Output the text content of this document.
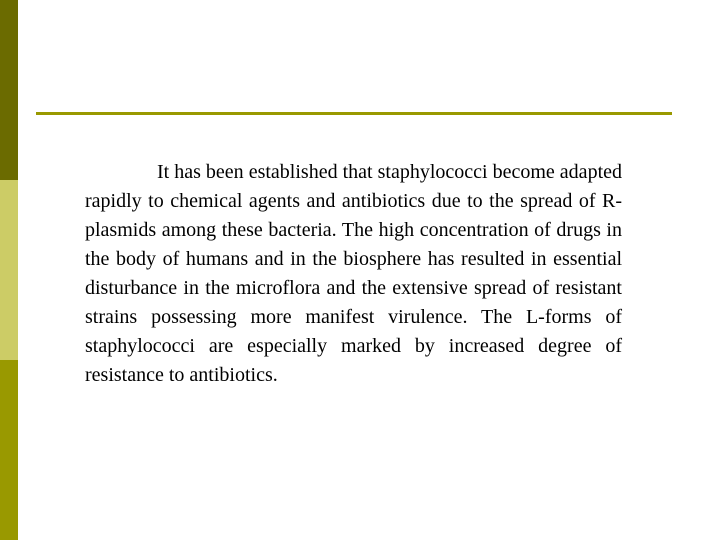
It has been established that staphylococci become adapted rapidly to chemical agents and antibiotics due to the spread of R-plasmids among these bacteria. The high concentration of drugs in the body of humans and in the biosphere has resulted in essential disturbance in the microflora and the extensive spread of resistant strains possessing more manifest virulence. The L-forms of staphylococci are especially marked by increased degree of resistance to antibiotics.
